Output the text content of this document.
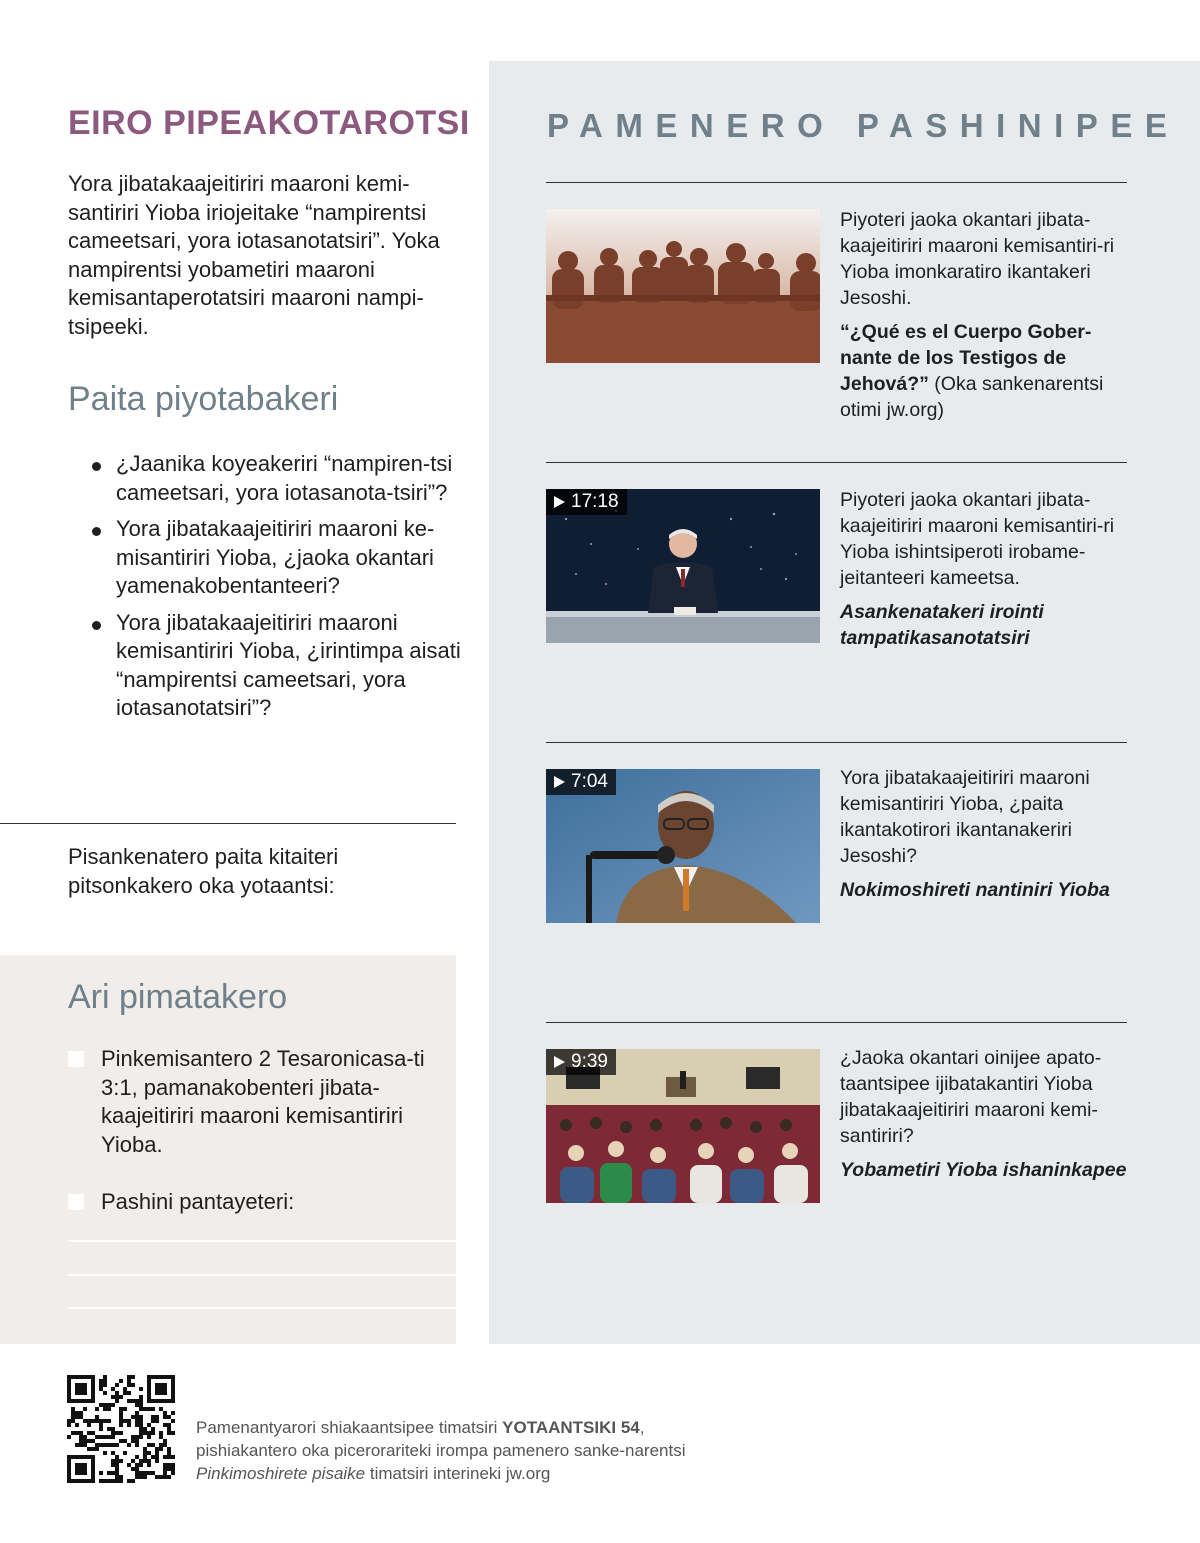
EIRO PIPEAKOTAROTSI

Yora jibatakaajeitiriri maaroni kemi-santiriri Yioba iriojeitake “nampirentsi cameetsari, yora iotasanotatsiri”. Yoka nampirentsi yobametiri maaroni kemisantaperotatsiri maaroni nampi-tsipeeki.

Paita piyotabakeri
¿Jaanika koyeakeriri “nampiren-tsi cameetsari, yora iotasanota-tsiri”?
Yora jibatakaajeitiriri maaroni ke-misantiriri Yioba, ¿jaoka okantari yamenakobentanteeri?
Yora jibatakaajeitiriri maaroni kemisantiriri Yioba, ¿irintimpa aisati “nampirentsi cameetsari, yora iotasanotatsiri”?

Pisankenatero paita kitaiteri pitsonkakero oka yotaantsi:

Ari pimatakero
Pinkemisantero 2 Tesaronicasa-ti 3:1, pamanakobenteri jibata-kaajeitiriri maaroni kemisantiriri Yioba.
Pashini pantayeteri:
PAMENERO PASHINIPEE

Piyoteri jaoka okantari jibata-kaajeitiriri maaroni kemisantiri-ri Yioba imonkaratiro ikantakeri Jesoshi.

“¿Qué es el Cuerpo Gober-nante de los Testigos de Jehová?” (Oka sankenarentsi otimi jw.org)

17:18	Piyoteri jaoka okantari jibata-kaajeitiriri maaroni kemisantiri-ri Yioba ishintsiperoti irobame-jeitanteeri kameetsa.

Asankenatakeri irointi tampatikasanotatsiri

7:04	Yora jibatakaajeitiriri maaroni kemisantiriri Yioba, ¿paita ikantakotirori ikantanakeriri Jesoshi?

Nokimoshireti nantiniri Yioba

9:39	¿Jaoka okantari oinijee apato-taantsipee ijibatakantiri Yioba jibatakaajeitiriri maaroni kemi-santiriri?

Yobametiri Yioba ishaninkapee

Pamenantyarori shiakaantsipee timatsiri YOTAANTSIKI 54, pishiakantero oka picerorariteki irompa pamenero sanke-narentsi Pinkimoshirete pisaike timatsiri interineki jw.org
